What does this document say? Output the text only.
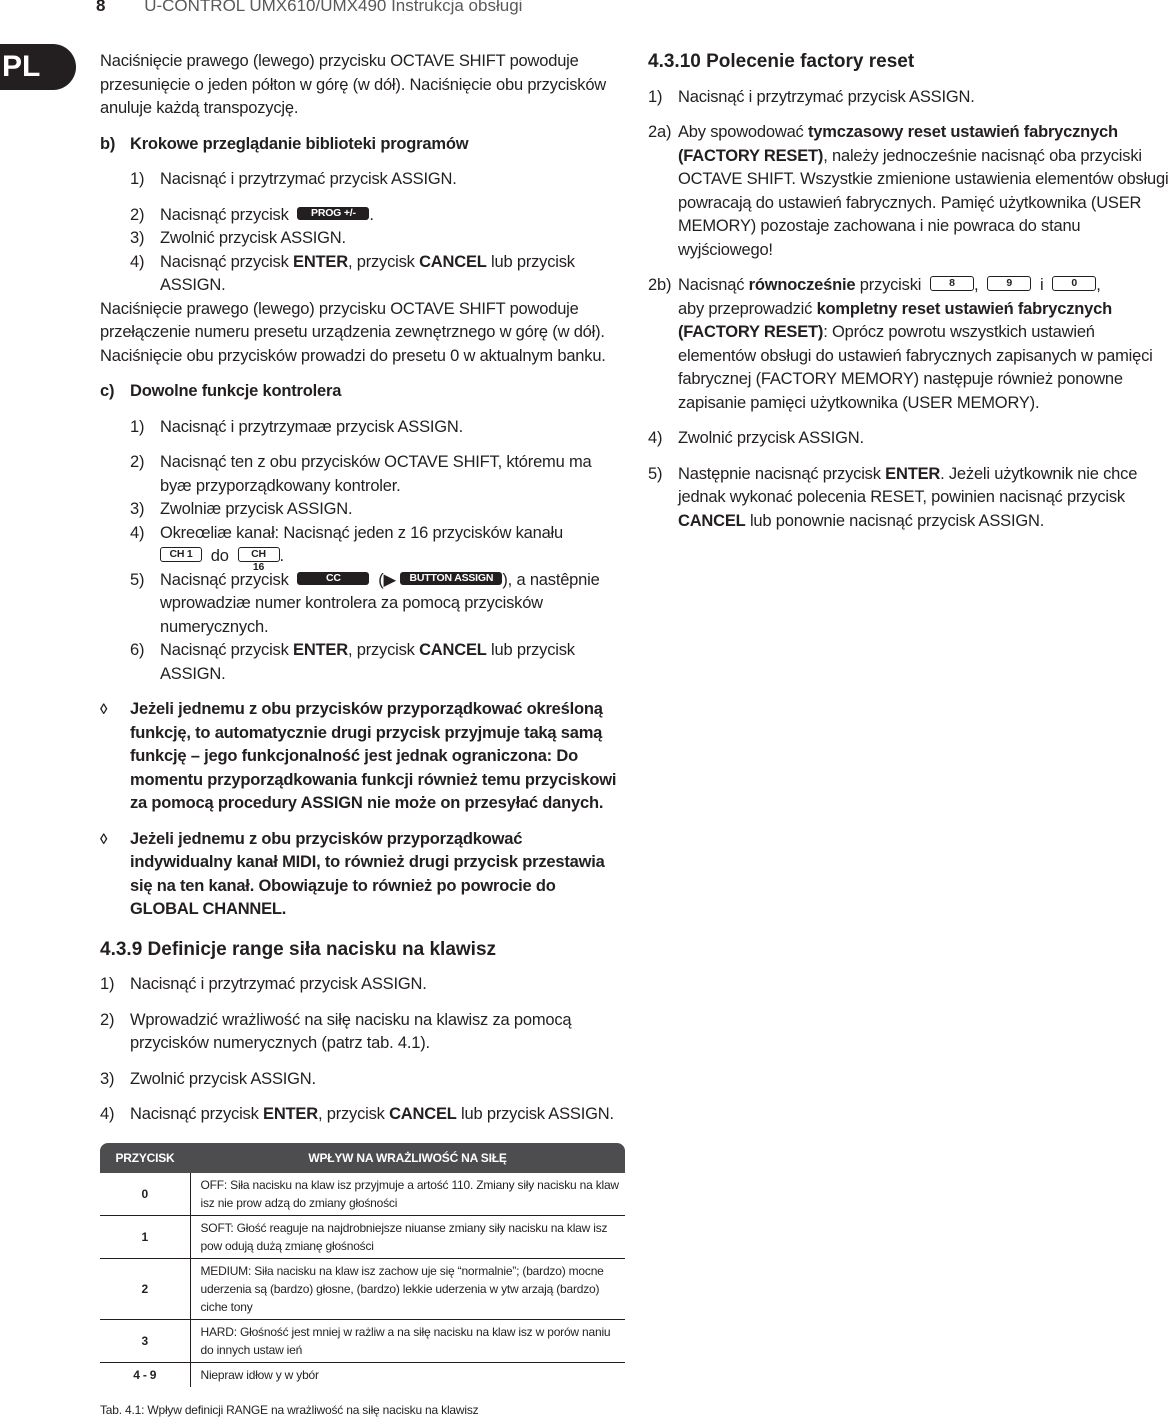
8 U-CONTROL UMX610/UMX490 Instrukcja obsługi
PL	Naciśnięcie prawego (lewego) przycisku OCTAVE SHIFT powoduje przesunięcie o jeden półton w górę (w dół). Naciśnięcie obu przycisków anuluje każdą transpozycję.

b) Krokowe przeglądanie biblioteki programów
1) Nacisnąć i przytrzymać przycisk ASSIGN.
2) Nacisnąć przycisk PROG +/- .
3) Zwolnić przycisk ASSIGN.
4) Nacisnąć przycisk ENTER, przycisk CANCEL lub przycisk ASSIGN.

Naciśnięcie prawego (lewego) przycisku OCTAVE SHIFT powoduje przełączenie numeru presetu urządzenia zewnętrznego w górę (w dół). Naciśnięcie obu przycisków prowadzi do presetu 0 w aktualnym banku.

c) Dowolne funkcje kontrolera
1) Nacisnąć i przytrzymaæ przycisk ASSIGN.
2) Nacisnąć ten z obu przycisków OCTAVE SHIFT, któremu ma byæ przyporządkowany kontroler.
3) Zwolniæ przycisk ASSIGN.
4) Okreœliæ kanał: Nacisnąć jeden z 16 przycisków kanału
CH 1 do CH 16.
5) Nacisnąć przycisk	CC (▶ BUTTON ASSIGN ), a nastêpnie wprowadziæ numer kontrolera za pomocą przycisków numerycznych.
6) Nacisnąć przycisk ENTER, przycisk CANCEL lub przycisk ASSIGN.
◊	Jeżeli jednemu z obu przycisków przyporządkować określoną funkcję, to automatycznie drugi przycisk przyjmuje taką samą funkcję – jego funkcjonalność jest jednak ograniczona: Do momentu przyporządkowania funkcji również temu przyciskowi za pomocą procedury ASSIGN nie może on przesyłać danych.
◊	Jeżeli jednemu z obu przycisków przyporządkować indywidualny kanał MIDI, to również drugi przycisk przestawia się na ten kanał. Obowiązuje to również po powrocie do GLOBAL CHANNEL.
4.3.9 Definicje range siła nacisku na klawisz
1) Nacisnąć i przytrzymać przycisk ASSIGN.
2) Wprowadzić wrażliwość na siłę nacisku na klawisz za pomocą przycisków numerycznych (patrz tab. 4.1).
3) Zwolnić przycisk ASSIGN.
4) Nacisnąć przycisk ENTER, przycisk CANCEL lub przycisk ASSIGN.
PRZYCISK	WPŁYW NA WRAŻLIWOŚĆ NA SIŁĘ
0	OFF: Siła nacisku na klaw isz przyjmuje a artość 110. Zmiany siły nacisku na klaw isz nie prow adzą do zmiany głośności
1	SOFT: Głość reaguje na najdrobniejsze niuanse zmiany siły nacisku na klaw isz pow odują dużą zmianę głośności
2	MEDIUM: Siła nacisku na klaw isz zachow uje się “normalnie”; (bardzo) mocne uderzenia są (bardzo) głosne, (bardzo) lekkie uderzenia w ytw arzają (bardzo) ciche tony
3	HARD: Głośność jest mniej w rażliw a na siłę nacisku na klaw isz w porów naniu do innych ustaw ień
4 - 9	Niepraw idłow y w ybór
Tab. 4.1: Wpływ definicji RANGE na wrażliwość na siłę nacisku na klawisz
4.3.10 Polecenie factory reset
1) Nacisnąć i przytrzymać przycisk ASSIGN.
2a) Aby spowodować tymczasowy reset ustawień fabrycznych (FACTORY RESET), należy jednocześnie nacisnąć oba przyciski OCTAVE SHIFT. Wszystkie zmienione ustawienia elementów obsługi powracają do ustawień fabrycznych. Pamięć użytkownika (USER MEMORY) pozostaje zachowana i nie powraca do stanu wyjściowego!
2b) Nacisnąć równocześnie przyciski	8 ,	9 i	0 ,
aby przeprowadzić kompletny reset ustawień fabrycznych (FACTORY RESET): Oprócz powrotu wszystkich ustawień elementów obsługi do ustawień fabrycznych zapisanych w pamięci fabrycznej (FACTORY MEMORY) następuje również ponowne zapisanie pamięci użytkownika (USER MEMORY).
4) Zwolnić przycisk ASSIGN.
5) Następnie nacisnąć przycisk ENTER. Jeżeli użytkownik nie chce jednak wykonać polecenia RESET, powinien nacisnąć przycisk CANCEL lub ponownie nacisnąć przycisk ASSIGN.
